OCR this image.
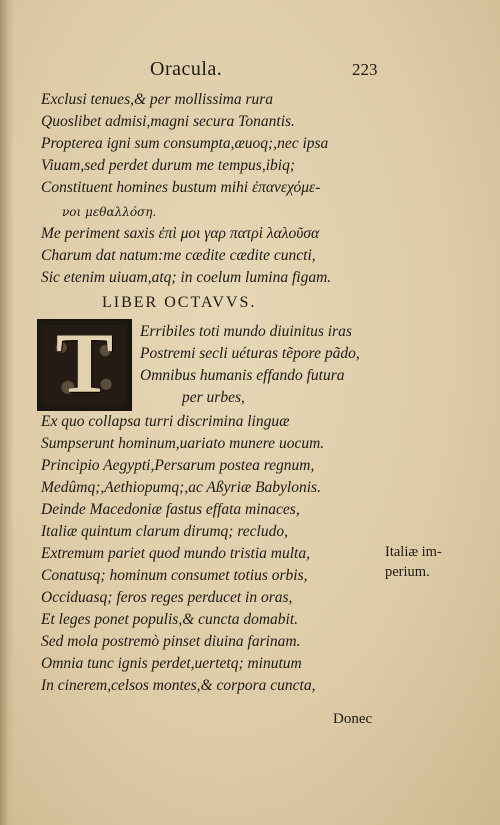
Oracula.	223
Exclusi tenues,& per mollissima rura
Quoslibet admisi,magni secura Tonantis.
Propterea igni sum consumpta,æuoq;,nec ipsa
Viuam,sed perdet durum me tempus,ibiq;
Constituent homines bustum mihi ἐπανεχόμε-
νοι μεθαλλόση.
Me periment saxis ἐπὶ μοι γαρ πατρὶ λαλοῦσα
Charum dat natum:me cædite cædite cuncti,
Sic etenim uiuam,atq; in coelum lumina figam.
LIBER OCTAVVS.
T	Erribiles toti mundo diuinitus iras
Postremi secli uéturas tẽpore pãdo,
Omnibus humanis effando futura
per urbes,
Ex quo collapsa turri discrimina linguæ
Sumpserunt hominum,uariato munere uocum.
Principio Aegypti,Persarum postea regnum,
Medûmq;,Aethiopumq;,ac Aßyriæ Babylonis.
Deinde Macedoniæ fastus effata minaces,
Italiæ quintum clarum dirumq; recludo,
Extremum pariet quod mundo tristia multa,
Conatusq; hominum consumet totius orbis,
Occiduasq; feros reges perducet in oras,
Et leges ponet populis,& cuncta domabit.
Sed mola postremò pinset diuina farinam.
Omnia tunc ignis perdet,uertetq; minutum
In cinerem,celsos montes,& corpora cuncta,
Italiæ im-
perium.
Donec
